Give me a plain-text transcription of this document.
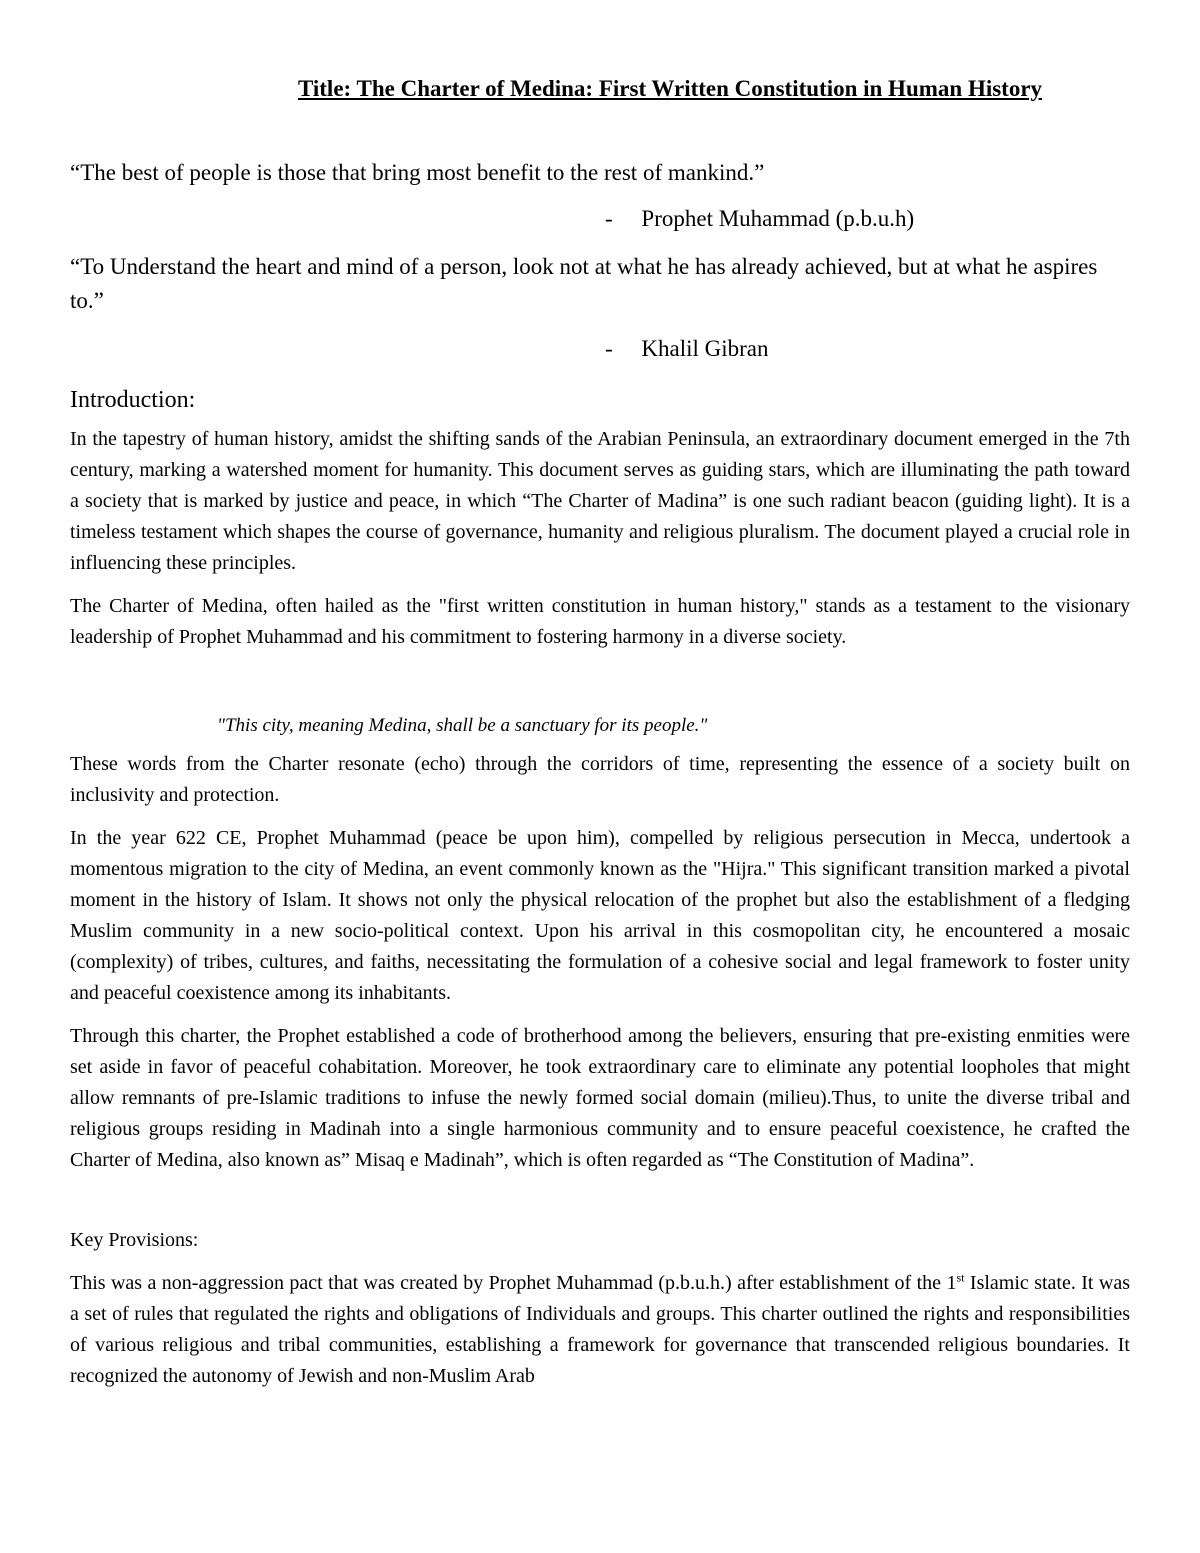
Title: The Charter of Medina: First Written Constitution in Human History

“The best of people is those that bring most benefit to the rest of mankind.”

-     Prophet Muhammad (p.b.u.h)

“To Understand the heart and mind of a person, look not at what he has already achieved, but at what he aspires to.”

-     Khalil Gibran

Introduction:

In the tapestry of human history, amidst the shifting sands of the Arabian Peninsula, an extraordinary document emerged in the 7th century, marking a watershed moment for humanity. This document serves as guiding stars, which are illuminating the path toward a society that is marked by justice and peace, in which “The Charter of Madina” is one such radiant beacon (guiding light). It is a timeless testament which shapes the course of governance, humanity and religious pluralism. The document played a crucial role in influencing these principles.

The Charter of Medina, often hailed as the "first written constitution in human history," stands as a testament to the visionary leadership of Prophet Muhammad and his commitment to fostering harmony in a diverse society.

"This city, meaning Medina, shall be a sanctuary for its people."

These words from the Charter resonate (echo) through the corridors of time, representing the essence of a society built on inclusivity and protection.

In the year 622 CE, Prophet Muhammad (peace be upon him), compelled by religious persecution in Mecca, undertook a momentous migration to the city of Medina, an event commonly known as the "Hijra." This significant transition marked a pivotal moment in the history of Islam. It shows not only the physical relocation of the prophet but also the establishment of a fledging Muslim community in a new socio-political context. Upon his arrival in this cosmopolitan city, he encountered a mosaic (complexity) of tribes, cultures, and faiths, necessitating the formulation of a cohesive social and legal framework to foster unity and peaceful coexistence among its inhabitants.

Through this charter, the Prophet established a code of brotherhood among the believers, ensuring that pre-existing enmities were set aside in favor of peaceful cohabitation. Moreover, he took extraordinary care to eliminate any potential loopholes that might allow remnants of pre-Islamic traditions to infuse the newly formed social domain (milieu).Thus, to unite the diverse tribal and religious groups residing in Madinah into a single harmonious community and to ensure peaceful coexistence, he crafted the Charter of Medina, also known as” Misaq e Madinah”, which is often regarded as “The Constitution of Madina”.

Key Provisions:

This was a non-aggression pact that was created by Prophet Muhammad (p.b.u.h.) after establishment of the 1st Islamic state. It was a set of rules that regulated the rights and obligations of Individuals and groups. This charter outlined the rights and responsibilities of various religious and tribal communities, establishing a framework for governance that transcended religious boundaries. It recognized the autonomy of Jewish and non-Muslim Arab
